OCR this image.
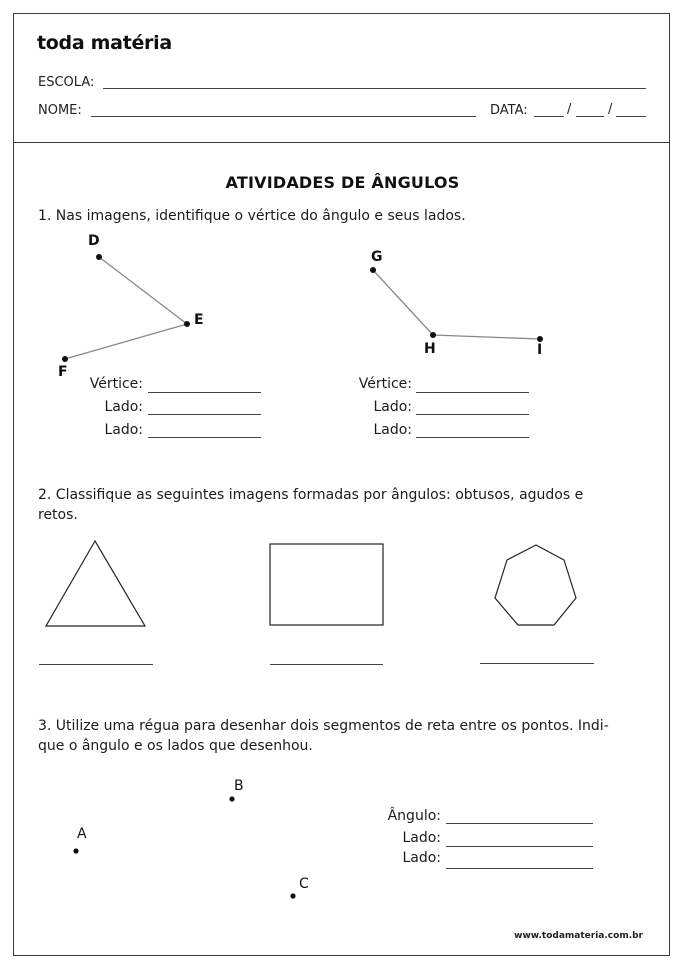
toda matéria
ESCOLA:
NOME:	DATA:	/	/
ATIVIDADES DE ÂNGULOS
1. Nas imagens, identifique o vértice do ângulo e seus lados.
D
E
F
G
H	I
Vértice:
Lado:
Lado:
Vértice:
Lado:
Lado:
2. Classifique as seguintes imagens formadas por ângulos: obtusos, agudos e
retos.
3. Utilize uma régua para desenhar dois segmentos de reta entre os pontos. Indi-
que o ângulo e os lados que desenhou.
A
B
C
Ângulo:
Lado:
Lado:
www.todamateria.com.br
